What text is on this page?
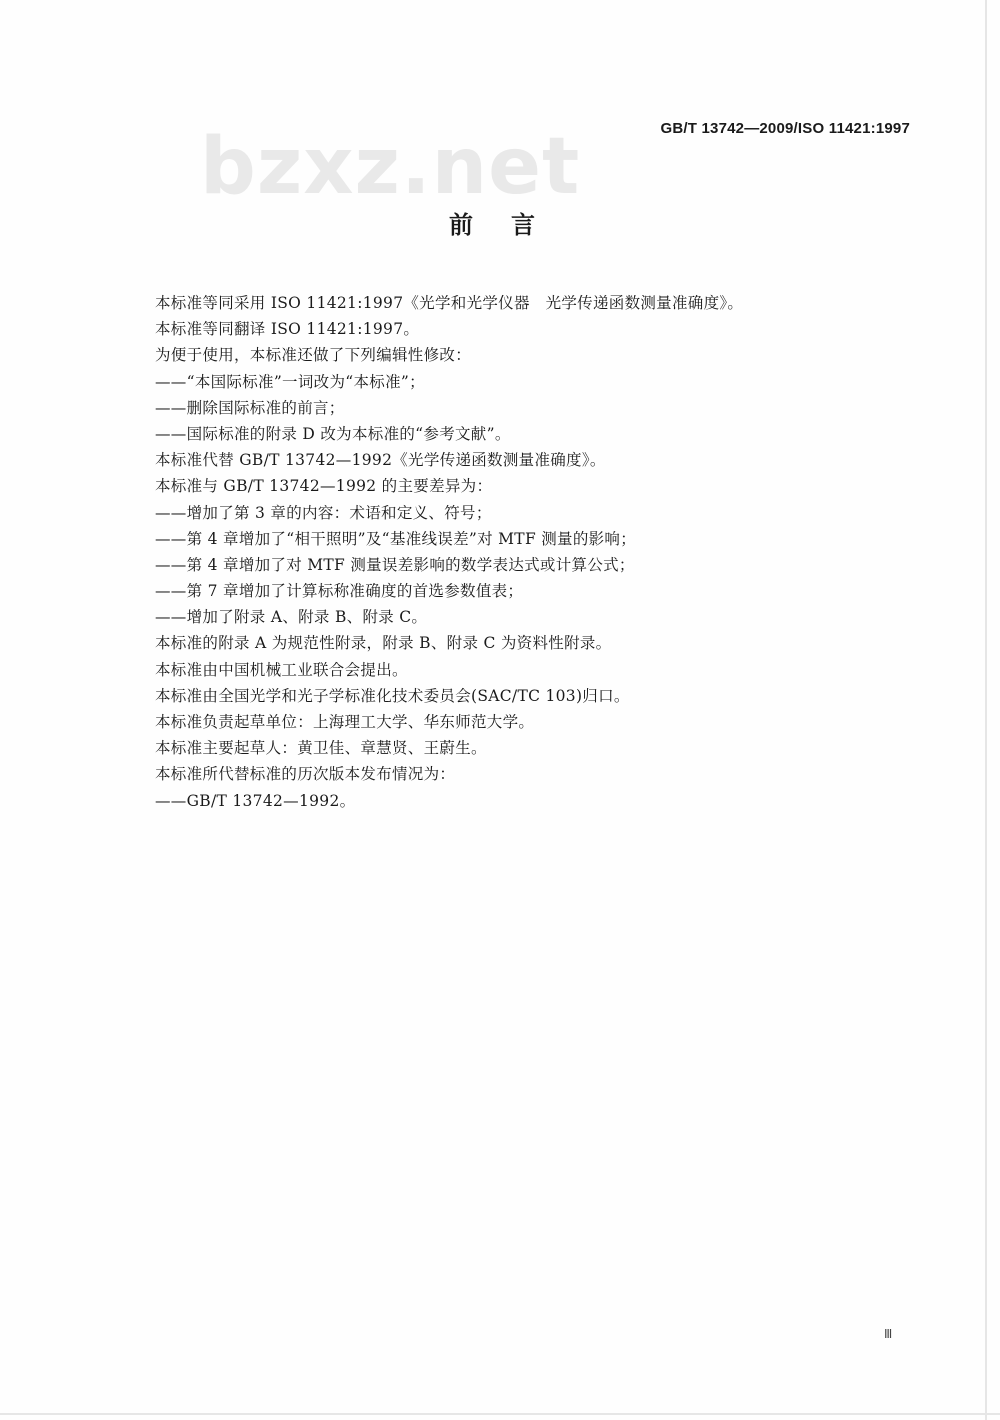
bzxz.net	GB/T 13742—2009/ISO 11421:1997
前言
本标准等同采用 ISO 11421:1997《光学和光学仪器　光学传递函数测量准确度》。
本标准等同翻译 ISO 11421:1997。
为便于使用，本标准还做了下列编辑性修改：
——“本国际标准”一词改为“本标准”；
——删除国际标准的前言；
——国际标准的附录 D 改为本标准的“参考文献”。
本标准代替 GB/T 13742—1992《光学传递函数测量准确度》。
本标准与 GB/T 13742—1992 的主要差异为：
——增加了第 3 章的内容：术语和定义、符号；
——第 4 章增加了“相干照明”及“基准线误差”对 MTF 测量的影响；
——第 4 章增加了对 MTF 测量误差影响的数学表达式或计算公式；
——第 7 章增加了计算标称准确度的首选参数值表；
——增加了附录 A、附录 B、附录 C。
本标准的附录 A 为规范性附录，附录 B、附录 C 为资料性附录。
本标准由中国机械工业联合会提出。
本标准由全国光学和光子学标准化技术委员会(SAC/TC 103)归口。
本标准负责起草单位：上海理工大学、华东师范大学。
本标准主要起草人：黄卫佳、章慧贤、王蔚生。
本标准所代替标准的历次版本发布情况为：
——GB/T 13742—1992。
Ⅲ
